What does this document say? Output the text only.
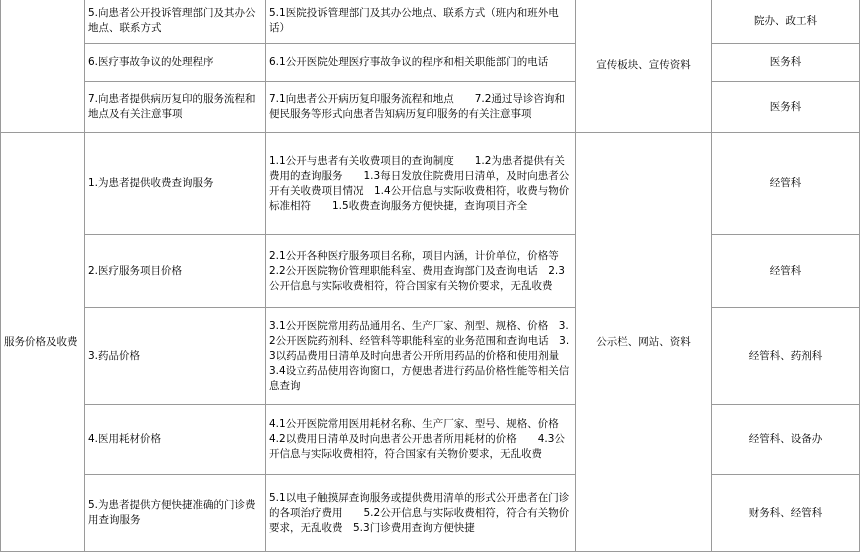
	5.向患者公开投诉管理部门及其办公地点、联系方式	5.1医院投诉管理部门及其办公地点、联系方式（班内和班外电话）	宣传板块、宣传资料	院办、政工科
	6.医疗事故争议的处理程序	6.1公开医院处理医疗事故争议的程序和相关职能部门的电话		医务科
	7.向患者提供病历复印的服务流程和地点及有关注意事项	7.1向患者公开病历复印服务流程和地点　　7.2通过导诊咨询和便民服务等形式向患者告知病历复印服务的有关注意事项		医务科
服务价格及收费	1.为患者提供收费查询服务	1.1公开与患者有关收费项目的查询制度　　1.2为患者提供有关费用的查询服务　　1.3每日发放住院费用日清单，及时向患者公开有关收费项目情况　1.4公开信息与实际收费相符，收费与物价标准相符　　1.5收费查询服务方便快捷，查询项目齐全	公示栏、网站、资料	经管科
	2.医疗服务项目价格	2.1公开各种医疗服务项目名称，项目内涵，计价单位，价格等　2.2公开医院物价管理职能科室、费用查询部门及查询电话　2.3公开信息与实际收费相符，符合国家有关物价要求，无乱收费		经管科
	3.药品价格	3.1公开医院常用药品通用名、生产厂家、剂型、规格、价格　3.2公开医院药剂科、经管科等职能科室的业务范围和查询电话　3.3以药品费用日清单及时向患者公开所用药品的价格和使用剂量　　3.4设立药品使用咨询窗口，方便患者进行药品价格性能等相关信息查询		经管科、药剂科
	4.医用耗材价格	4.1公开医院常用医用耗材名称、生产厂家、型号、规格、价格　4.2以费用日清单及时向患者公开患者所用耗材的价格　　4.3公开信息与实际收费相符，符合国家有关物价要求，无乱收费		经管科、设备办
	5.为患者提供方便快捷准确的门诊费用查询服务	5.1以电子触摸屏查询服务或提供费用清单的形式公开患者在门诊的各项治疗费用　　5.2公开信息与实际收费相符，符合有关物价要求，无乱收费　5.3门诊费用查询方便快捷		财务科、经管科
